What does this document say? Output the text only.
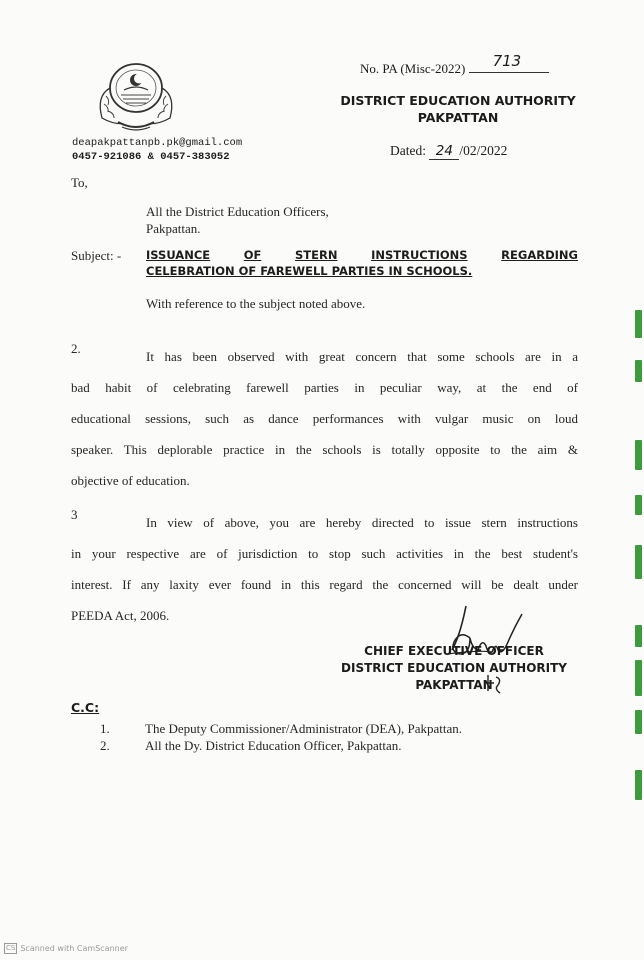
No. PA (Misc-2022) 713
DISTRICT EDUCATION AUTHORITY
PAKPATTAN
deapakpattanpb.pk@gmail.com
0457-921086 & 0457-383052	Dated: 24 /02/2022
To,
All the District Education Officers,
Pakpattan.
Subject: - ISSUANCE	OF	STERN	INSTRUCTIONS	REGARDING
CELEBRATION OF FAREWELL PARTIES IN SCHOOLS.
With reference to the subject noted above.
2.
It has been observed with great concern that some schools are in a
bad habit of celebrating farewell parties in peculiar way, at the end of
educational sessions, such as dance performances with vulgar music on loud
speaker. This deplorable practice in the schools is totally opposite to the aim &
objective of education.
3
In view of above, you are hereby directed to issue stern instructions
in your respective are of jurisdiction to stop such activities in the best student's
interest. If any laxity ever found in this regard the concerned will be dealt under
PEEDA Act, 2006.
CHIEF EXECUTIVE OFFICER
DISTRICT EDUCATION AUTHORITY
PAKPATTAN
C.C:
1.	The Deputy Commissioner/Administrator (DEA), Pakpattan.
2.	All the Dy. District Education Officer, Pakpattan.
CS Scanned with CamScanner
